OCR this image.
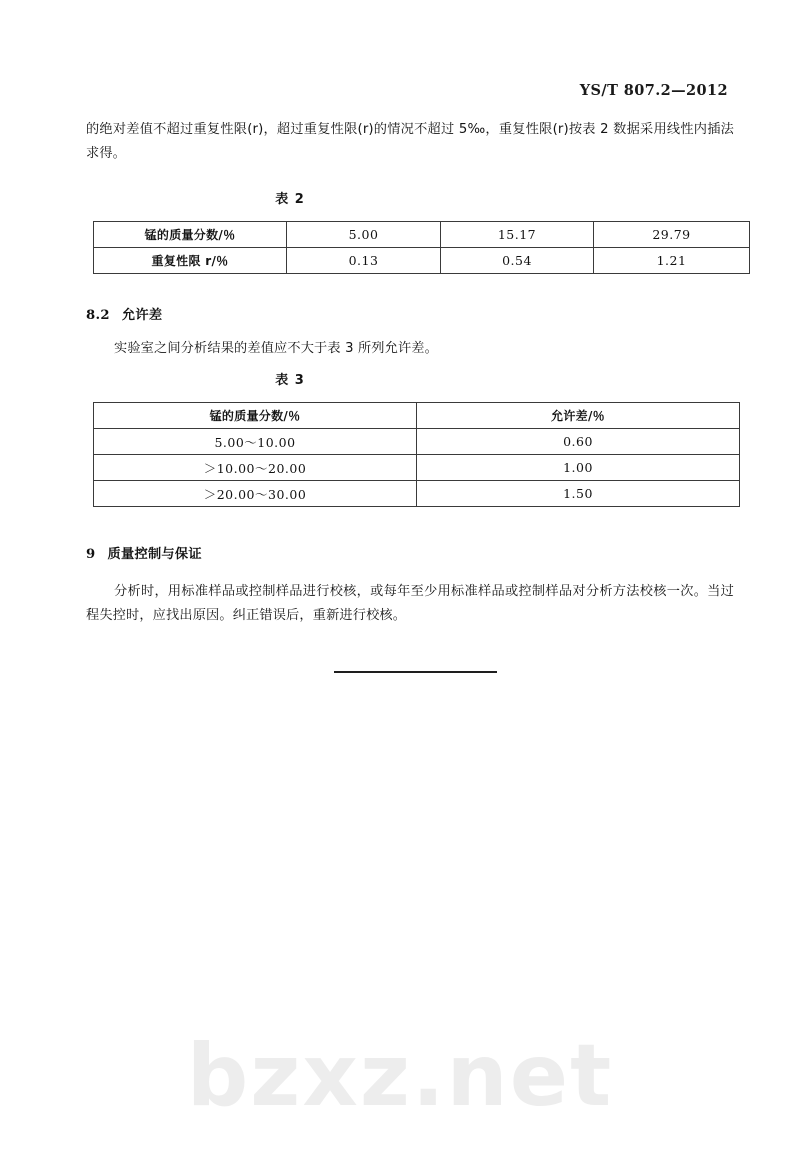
YS/T 807.2—2012

的绝对差值不超过重复性限(r)，超过重复性限(r)的情况不超过 5‰，重复性限(r)按表 2 数据采用线性内插法求得。

表 2

锰的质量分数/％	5.00	15.17	29.79
重复性限 r/％	0.13	0.54	1.21
8.2 允许差

实验室之间分析结果的差值应不大于表 3 所列允许差。

表 3

锰的质量分数/％	允许差/％
5.00～10.00	0.60
＞10.00～20.00	1.00
＞20.00～30.00	1.50
9 质量控制与保证

分析时，用标准样品或控制样品进行校核，或每年至少用标准样品或控制样品对分析方法校核一次。当过程失控时，应找出原因。纠正错误后，重新进行校核。

bzxz.net
